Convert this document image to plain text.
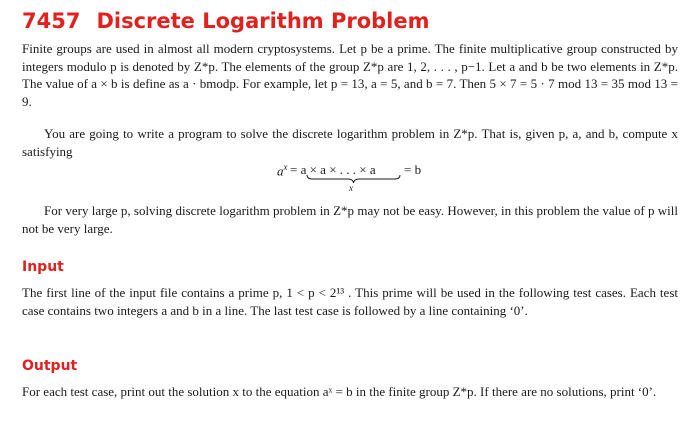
7457 Discrete Logarithm Problem

Finite groups are used in almost all modern cryptosystems. Let p be a prime. The finite multiplicative group constructed by integers modulo p is denoted by Z*p. The elements of the group Z*p are 1, 2, . . . , p−1. Let a and b be two elements in Z*p. The value of a × b is define as a · bmodp. For example, let p = 13, a = 5, and b = 7. Then 5 × 7 = 5 · 7 mod 13 = 35 mod 13 = 9.

You are going to write a program to solve the discrete logarithm problem in Z*p. That is, given p, a, and b, compute x satisfying

$a^x = a \times a$ × . . . × a
x
= b

For very large p, solving discrete logarithm problem in Z*p may not be easy. However, in this problem the value of p will not be very large.

Input

The first line of the input file contains a prime p, 1 < p < 2¹³ . This prime will be used in the following test cases. Each test case contains two integers a and b in a line. The last test case is followed by a line containing ‘0’.

Output

For each test case, print out the solution x to the equation aˣ = b in the finite group Z*p. If there are no solutions, print ‘0’.
